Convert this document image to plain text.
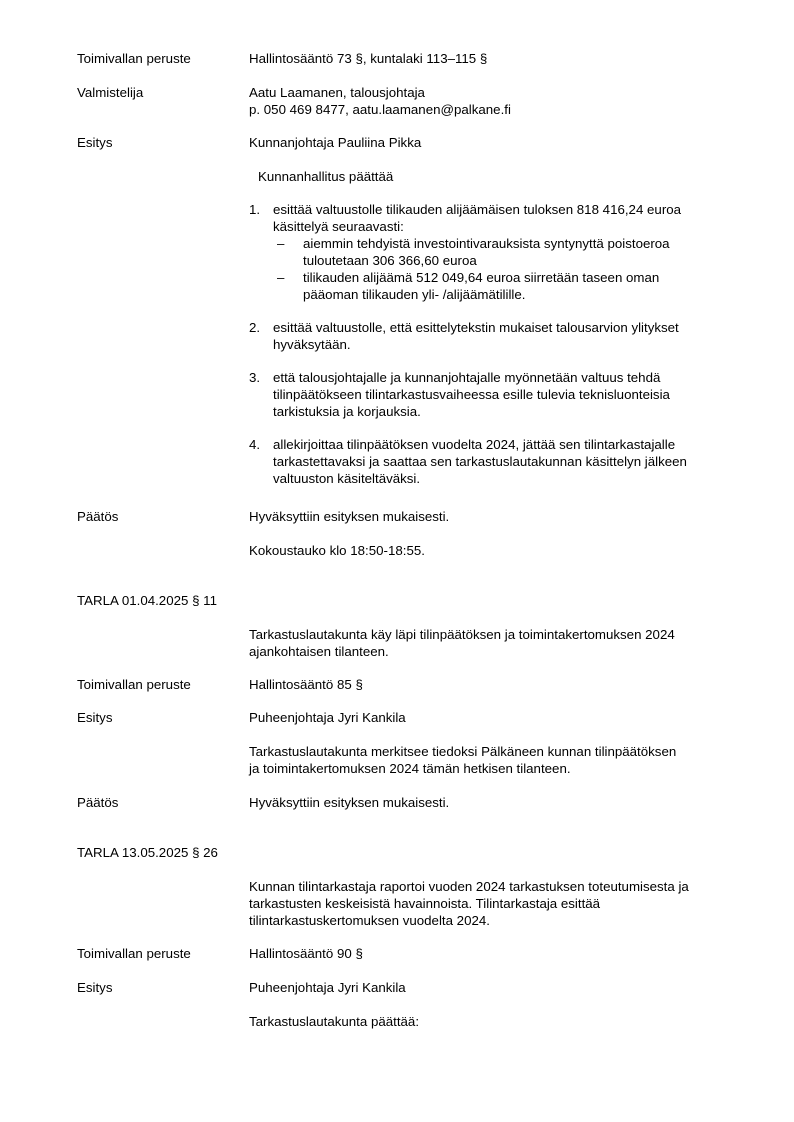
Toimivallan peruste	Hallintosääntö 73 §, kuntalaki 113–115 §
Valmistelija	Aatu Laamanen, talousjohtaja
p. 050 469 8477, aatu.laamanen@palkane.fi
Esitys	Kunnanjohtaja Pauliina Pikka
Kunnanhallitus päättää
1. esittää valtuustolle tilikauden alijäämäisen tuloksen 818 416,24 euroa
käsittelyä seuraavasti:
– aiemmin tehdyistä investointivarauksista syntynyttä poistoeroa
tuloutetaan 306 366,60 euroa
– tilikauden alijäämä 512 049,64 euroa siirretään taseen oman
pääoman tilikauden yli- /alijäämätilille.
2. esittää valtuustolle, että esittelytekstin mukaiset talousarvion ylitykset
hyväksytään.
3. että talousjohtajalle ja kunnanjohtajalle myönnetään valtuus tehdä
tilinpäätökseen tilintarkastusvaiheessa esille tulevia teknisluonteisia
tarkistuksia ja korjauksia.
4. allekirjoittaa tilinpäätöksen vuodelta 2024, jättää sen tilintarkastajalle
tarkastettavaksi ja saattaa sen tarkastuslautakunnan käsittelyn jälkeen
valtuuston käsiteltäväksi.
Päätös	Hyväksyttiin esityksen mukaisesti.
Kokoustauko klo 18:50-18:55.
TARLA 01.04.2025 § 11
Tarkastuslautakunta käy läpi tilinpäätöksen ja toimintakertomuksen 2024
ajankohtaisen tilanteen.
Toimivallan peruste	Hallintosääntö 85 §
Esitys	Puheenjohtaja Jyri Kankila
Tarkastuslautakunta merkitsee tiedoksi Pälkäneen kunnan tilinpäätöksen
ja toimintakertomuksen 2024 tämän hetkisen tilanteen.
Päätös	Hyväksyttiin esityksen mukaisesti.
TARLA 13.05.2025 § 26
Kunnan tilintarkastaja raportoi vuoden 2024 tarkastuksen toteutumisesta ja
tarkastusten keskeisistä havainnoista. Tilintarkastaja esittää
tilintarkastuskertomuksen vuodelta 2024.
Toimivallan peruste	Hallintosääntö 90 §
Esitys	Puheenjohtaja Jyri Kankila
Tarkastuslautakunta päättää:
